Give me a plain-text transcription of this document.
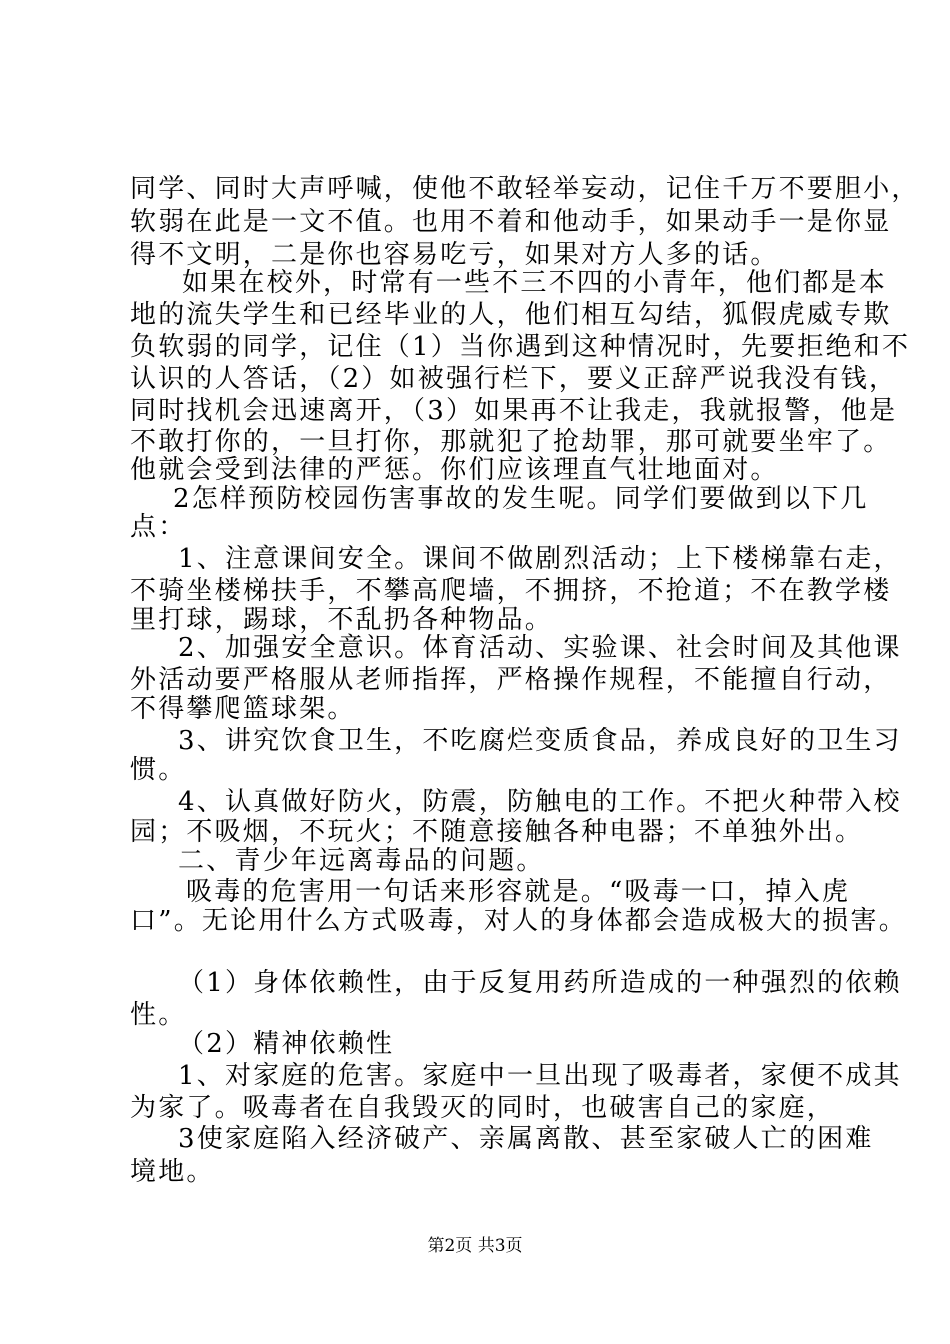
同学、同时大声呼喊，使他不敢轻举妄动，记住千万不要胆小，
软弱在此是一文不值。也用不着和他动手，如果动手一是你显
得不文明，二是你也容易吃亏，如果对方人多的话。
如果在校外，时常有一些不三不四的小青年，他们都是本
地的流失学生和已经毕业的人，他们相互勾结，狐假虎威专欺
负软弱的同学，记住（1）当你遇到这种情况时，先要拒绝和不
认识的人答话，（2）如被强行栏下，要义正辞严说我没有钱，
同时找机会迅速离开，（3）如果再不让我走，我就报警，他是
不敢打你的，一旦打你，那就犯了抢劫罪，那可就要坐牢了。
他就会受到法律的严惩。你们应该理直气壮地面对。
2怎样预防校园伤害事故的发生呢。同学们要做到以下几
点：
1、注意课间安全。课间不做剧烈活动；上下楼梯靠右走，
不骑坐楼梯扶手，不攀高爬墙，不拥挤，不抢道；不在教学楼
里打球，踢球，不乱扔各种物品。
2、加强安全意识。体育活动、实验课、社会时间及其他课
外活动要严格服从老师指挥，严格操作规程，不能擅自行动，
不得攀爬篮球架。
3、讲究饮食卫生，不吃腐烂变质食品，养成良好的卫生习
惯。
4、认真做好防火，防震，防触电的工作。不把火种带入校
园；不吸烟，不玩火；不随意接触各种电器；不单独外出。
二、青少年远离毒品的问题。
吸毒的危害用一句话来形容就是。“吸毒一口，掉入虎
口”。无论用什么方式吸毒，对人的身体都会造成极大的损害。
（1）身体依赖性，由于反复用药所造成的一种强烈的依赖
性。
（2）精神依赖性
1、对家庭的危害。家庭中一旦出现了吸毒者，家便不成其
为家了。吸毒者在自我毁灭的同时，也破害自己的家庭，
3使家庭陷入经济破产、亲属离散、甚至家破人亡的困难
境地。
第2页 共3页
